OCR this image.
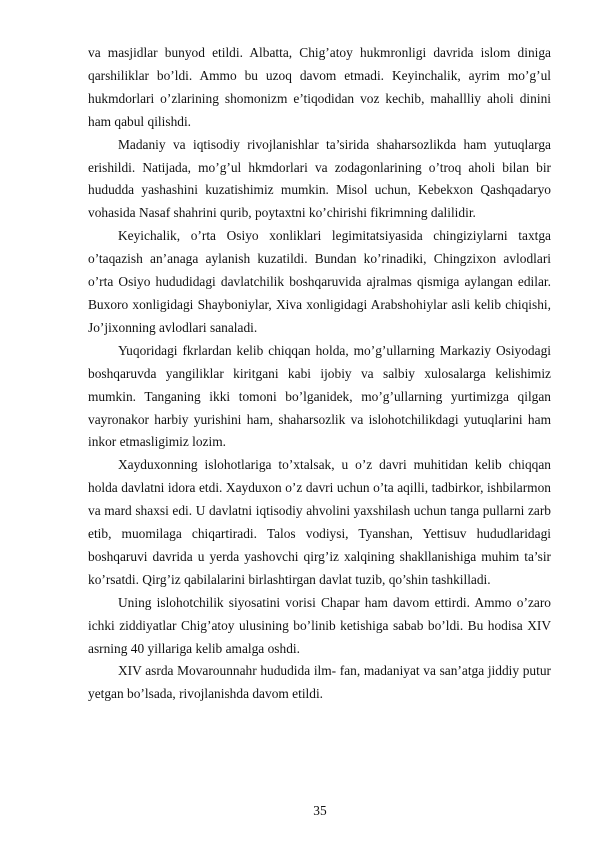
va masjidlar bunyod etildi. Albatta, Chig’atoy hukmronligi davrida islom diniga qarshiliklar bo’ldi. Ammo bu uzoq davom etmadi. Keyinchalik, ayrim mo’g’ul hukmdorlari o’zlarining shomonizm e’tiqodidan voz kechib, mahallliy aholi dinini ham qabul qilishdi.

Madaniy va iqtisodiy rivojlanishlar ta’sirida shaharsozlikda ham yutuqlarga erishildi. Natijada, mo’g’ul hkmdorlari va zodagonlarining o’troq aholi bilan bir hududda yashashini kuzatishimiz mumkin. Misol uchun, Kebekxon Qashqadaryo vohasida Nasaf shahrini qurib, poytaxtni ko’chirishi fikrimning dalilidir.

Keyichalik, o’rta Osiyo xonliklari legimitatsiyasida chingiziylarni taxtga o’taqazish an’anaga aylanish kuzatildi. Bundan ko’rinadiki, Chingzixon avlodlari o’rta Osiyo hududidagi davlatchilik boshqaruvida ajralmas qismiga aylangan edilar. Buxoro xonligidagi Shayboniylar, Xiva xonligidagi Arabshohiylar asli kelib chiqishi, Jo’jixonning avlodlari sanaladi.

Yuqoridagi fkrlardan kelib chiqqan holda, mo’g’ullarning Markaziy Osiyodagi boshqaruvda yangiliklar kiritgani kabi ijobiy va salbiy xulosalarga kelishimiz mumkin. Tanganing ikki tomoni bo’lganidek, mo’g’ullarning yurtimizga qilgan vayronakor harbiy yurishini ham, shaharsozlik va islohotchilikdagi yutuqlarini ham inkor etmasligimiz lozim.

Xayduxonning islohotlariga to’xtalsak, u o’z davri muhitidan kelib chiqqan holda davlatni idora etdi. Xayduxon o’z davri uchun o’ta aqilli, tadbirkor, ishbilarmon va mard shaxsi edi. U davlatni iqtisodiy ahvolini yaxshilash uchun tanga pullarni zarb etib, muomilaga chiqartiradi. Talos vodiysi, Tyanshan, Yettisuv hududlaridagi boshqaruvi davrida u yerda yashovchi qirg’iz xalqining shakllanishiga muhim ta’sir ko’rsatdi. Qirg’iz qabilalarini birlashtirgan davlat tuzib, qo’shin tashkilladi.

Uning islohotchilik siyosatini vorisi Chapar ham davom ettirdi. Ammo o’zaro ichki ziddiyatlar Chig’atoy ulusining bo’linib ketishiga sabab bo’ldi. Bu hodisa XIV asrning 40 yillariga kelib amalga oshdi.

XIV asrda Movarounnahr hududida ilm- fan, madaniyat va san’atga jiddiy putur yetgan bo’lsada, rivojlanishda davom etildi.

35
